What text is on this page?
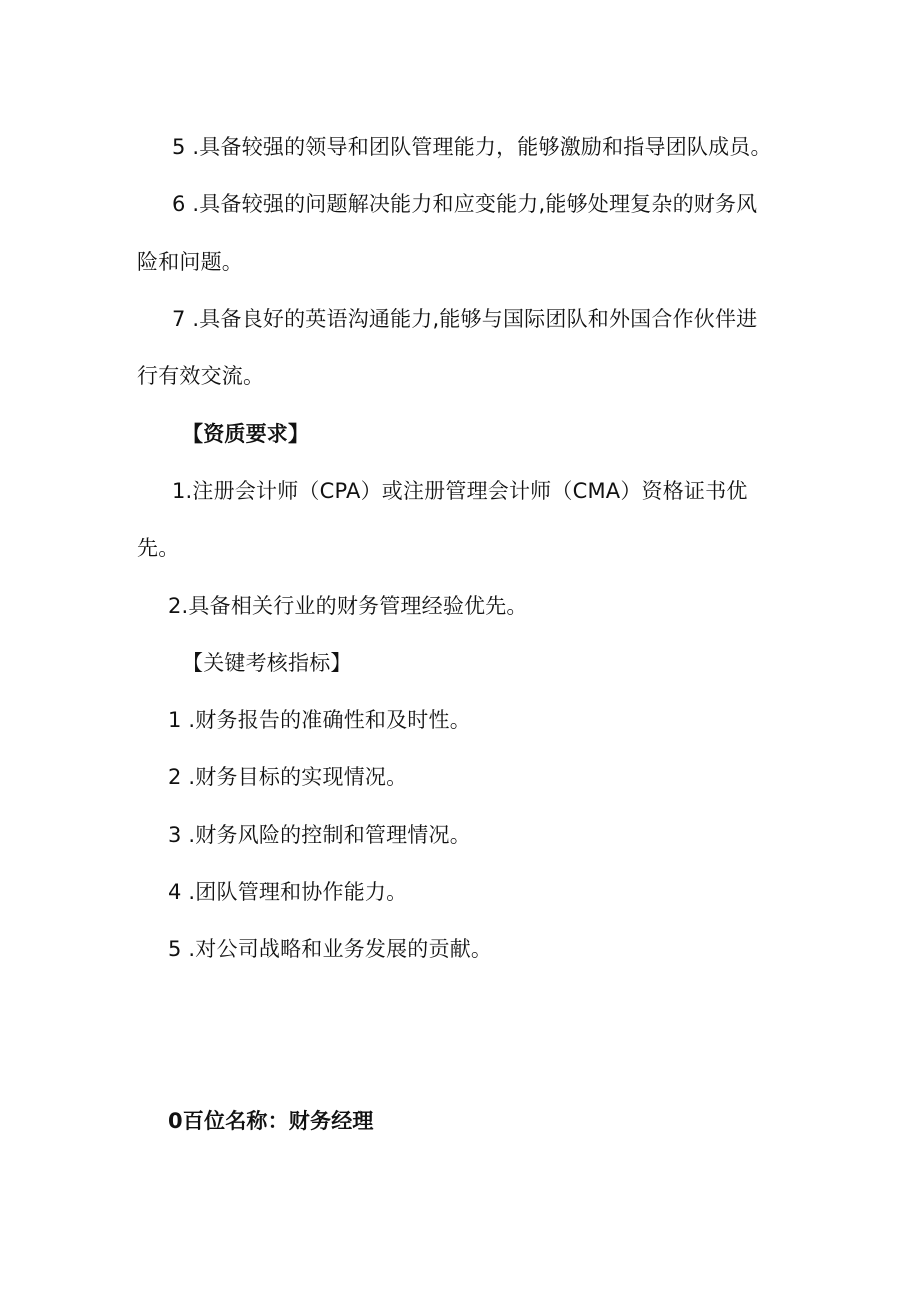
5 .具备较强的领导和团队管理能力，能够激励和指导团队成员。
6 .具备较强的问题解决能力和应变能力,能够处理复杂的财务风
险和问题。
7 .具备良好的英语沟通能力,能够与国际团队和外国合作伙伴进
行有效交流。
【资质要求】
1.注册会计师（CPA）或注册管理会计师（CMA）资格证书优
先。
2.具备相关行业的财务管理经验优先。
【关键考核指标】
1 .财务报告的准确性和及时性。
2 .财务目标的实现情况。
3 .财务风险的控制和管理情况。
4 .团队管理和协作能力。
5 .对公司战略和业务发展的贡献。
0百位名称：财务经理
